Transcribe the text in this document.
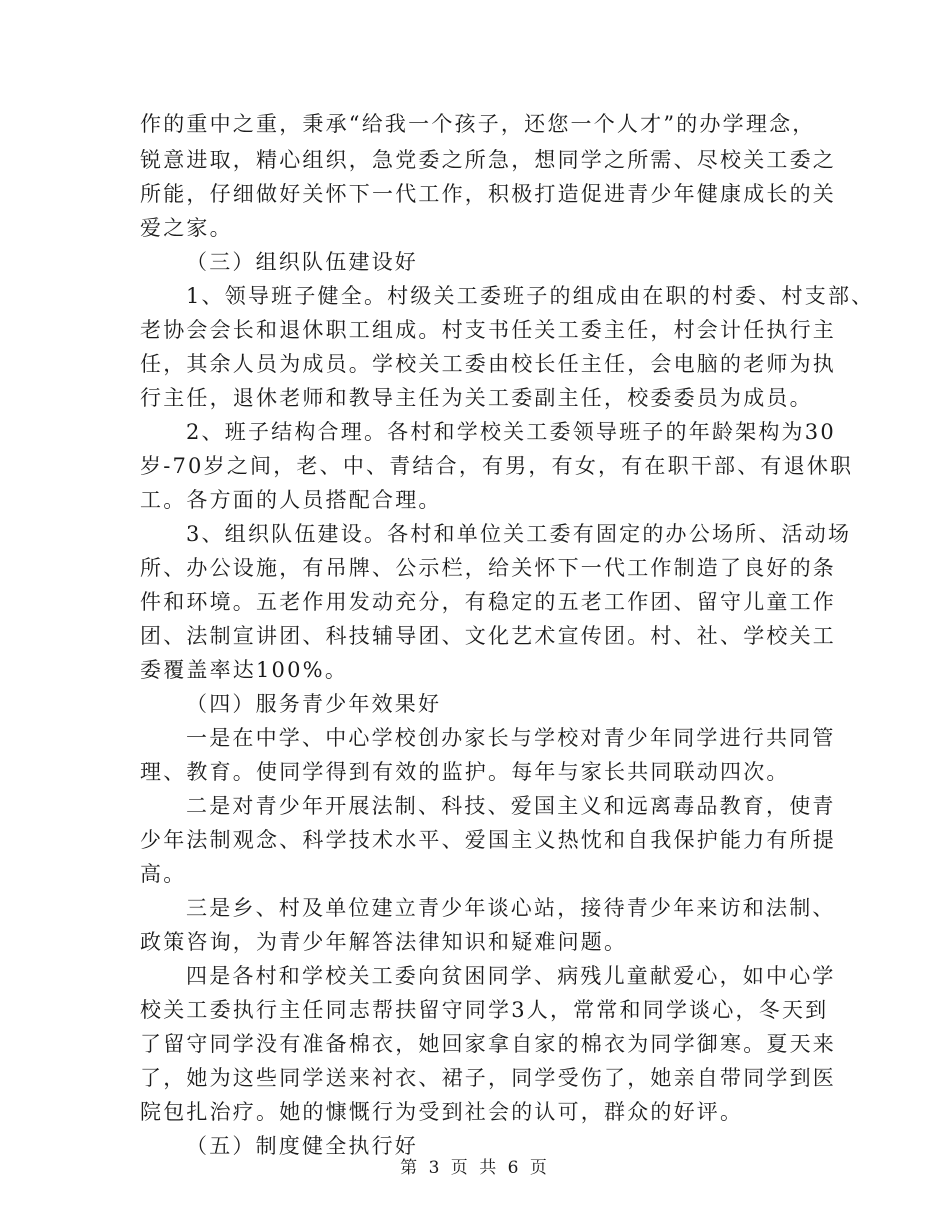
作的重中之重，秉承“给我一个孩子，还您一个人才”的办学理念，
锐意进取，精心组织，急党委之所急，想同学之所需、尽校关工委之
所能，仔细做好关怀下一代工作，积极打造促进青少年健康成长的关
爱之家。
（三）组织队伍建设好
1、领导班子健全。村级关工委班子的组成由在职的村委、村支部、
老协会会长和退休职工组成。村支书任关工委主任，村会计任执行主
任，其余人员为成员。学校关工委由校长任主任，会电脑的老师为执
行主任，退休老师和教导主任为关工委副主任，校委委员为成员。
2、班子结构合理。各村和学校关工委领导班子的年龄架构为30
岁-70岁之间，老、中、青结合，有男，有女，有在职干部、有退休职
工。各方面的人员搭配合理。
3、组织队伍建设。各村和单位关工委有固定的办公场所、活动场
所、办公设施，有吊牌、公示栏，给关怀下一代工作制造了良好的条
件和环境。五老作用发动充分，有稳定的五老工作团、留守儿童工作
团、法制宣讲团、科技辅导团、文化艺术宣传团。村、社、学校关工
委覆盖率达100%。
（四）服务青少年效果好
一是在中学、中心学校创办家长与学校对青少年同学进行共同管
理、教育。使同学得到有效的监护。每年与家长共同联动四次。
二是对青少年开展法制、科技、爱国主义和远离毒品教育，使青
少年法制观念、科学技术水平、爱国主义热忱和自我保护能力有所提
高。
三是乡、村及单位建立青少年谈心站，接待青少年来访和法制、
政策咨询，为青少年解答法律知识和疑难问题。
四是各村和学校关工委向贫困同学、病残儿童献爱心，如中心学
校关工委执行主任同志帮扶留守同学3人，常常和同学谈心，冬天到
了留守同学没有准备棉衣，她回家拿自家的棉衣为同学御寒。夏天来
了，她为这些同学送来衬衣、裙子，同学受伤了，她亲自带同学到医
院包扎治疗。她的慷慨行为受到社会的认可，群众的好评。
（五）制度健全执行好
第 3 页 共 6 页
